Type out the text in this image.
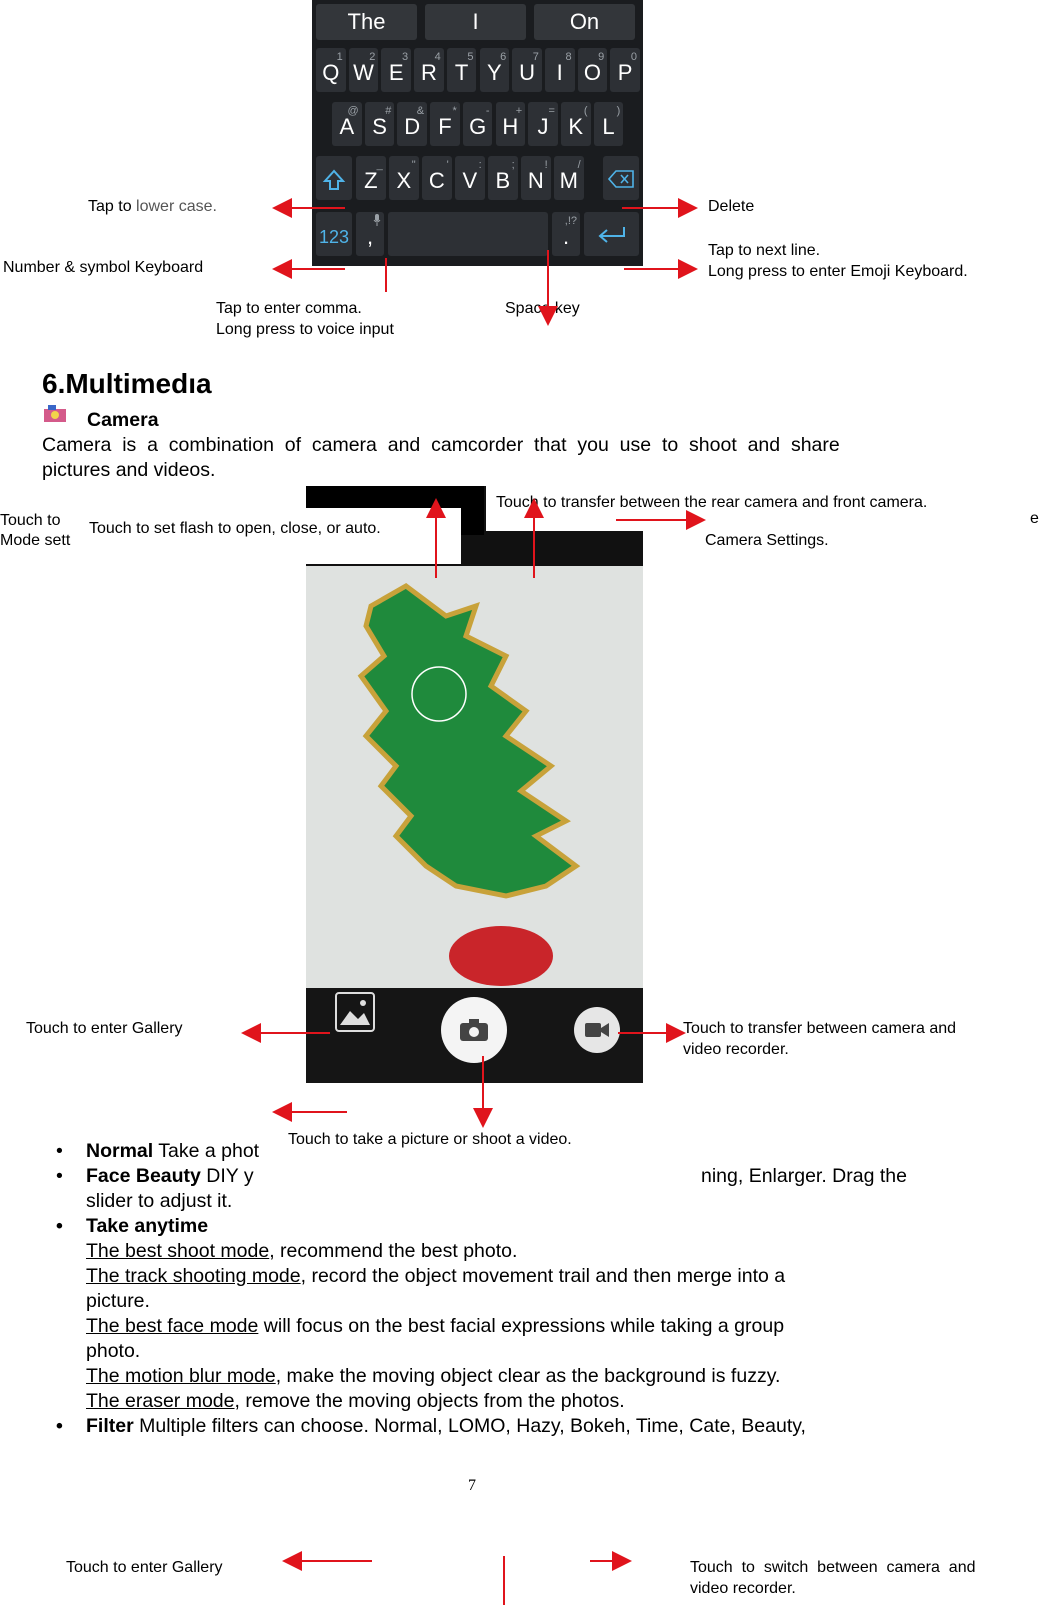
The	I	On
1
Q
2
W
3
E
4
R
5
T
6
Y
7
U
8
I
9
O
0
P
@
A
#
S
&
D
*
F
-
G
+
H
=
J
(
K
)
L
_
Z
"
X
'
C
:
V
;
B
!
N
/
M
123 ,	.
,!?
Tap to lower case.	Delete
Number & symbol Keyboard
Tap to next line.
Long press to enter Emoji Keyboard.
Tap to enter comma.
Long press to voice input
Space key
6.Multimedıa
Camera
Camera  is  a  combination  of  camera  and  camcorder  that  you  use  to  shoot  and  share
pictures and videos.
Touch to
Mode sett
Touch to set flash to open, close, or auto.
Touch to transfer between the rear camera and front camera.
e
Camera Settings.
Touch to enter Gallery	Touch to transfer between camera and
video recorder.
Touch to take a picture or shoot a video.
• Normal Take a phot
• Face Beauty DIY y	ning, Enlarger. Drag the
slider to adjust it.
• Take anytime
The best shoot mode, recommend the best photo.
The track shooting mode, record the object movement trail and then merge into a
picture.
The best face mode will focus on the best facial expressions while taking a group
photo.
The motion blur mode, make the moving object clear as the background is fuzzy.
The eraser mode, remove the moving objects from the photos.
• Filter Multiple filters can choose. Normal, LOMO, Hazy, Bokeh, Time, Cate, Beauty,
7
Touch to enter Gallery	Touch  to  switch  between  camera  and
video recorder.
